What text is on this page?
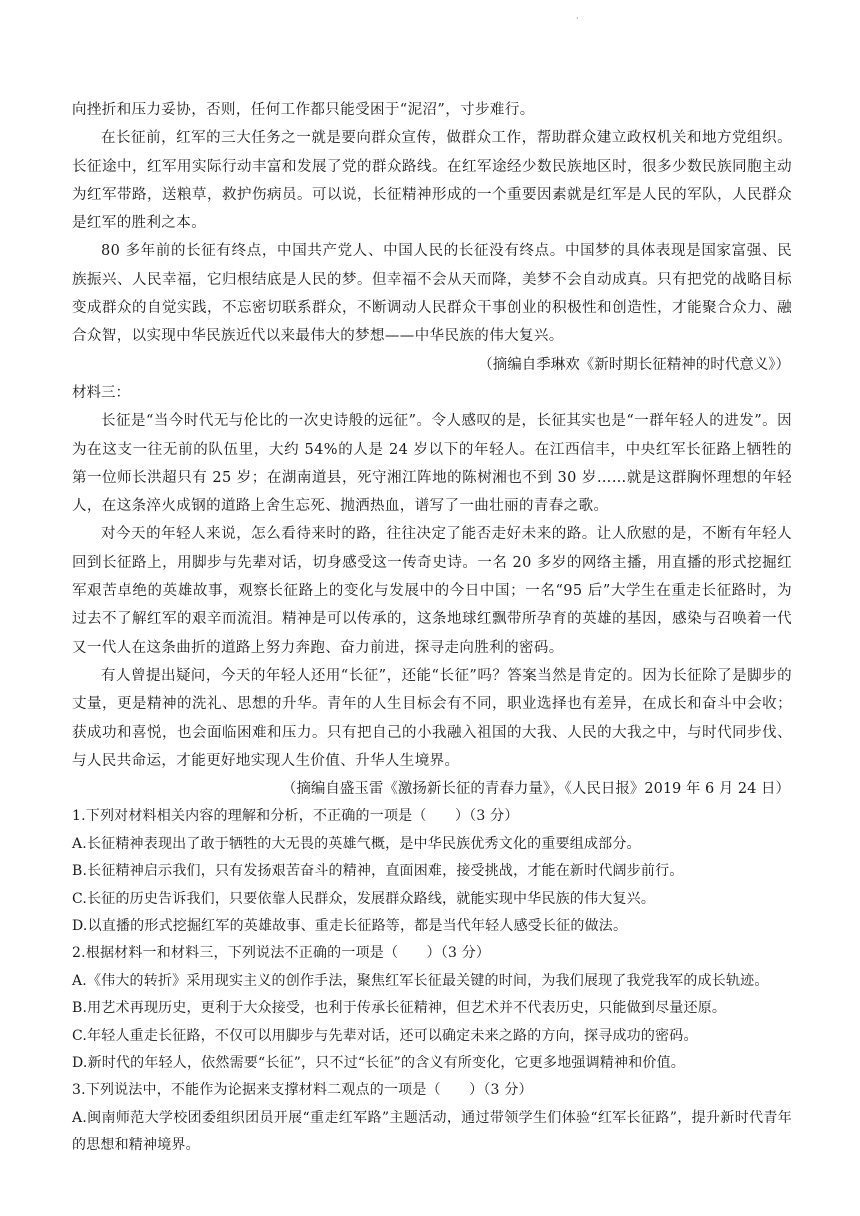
·

向挫折和压力妥协，否则，任何工作都只能受困于“泥沼”，寸步难行。

在长征前，红军的三大任务之一就是要向群众宣传，做群众工作，帮助群众建立政权机关和地方党组织。长征途中，红军用实际行动丰富和发展了党的群众路线。在红军途经少数民族地区时，很多少数民族同胞主动为红军带路，送粮草，救护伤病员。可以说，长征精神形成的一个重要因素就是红军是人民的军队，人民群众是红军的胜利之本。

80 多年前的长征有终点，中国共产党人、中国人民的长征没有终点。中国梦的具体表现是国家富强、民族振兴、人民幸福，它归根结底是人民的梦。但幸福不会从天而降，美梦不会自动成真。只有把党的战略目标变成群众的自觉实践，不忘密切联系群众，不断调动人民群众干事创业的积极性和创造性，才能聚合众力、融合众智，以实现中华民族近代以来最伟大的梦想——中华民族的伟大复兴。

（摘编自季琳欢《新时期长征精神的时代意义》）

材料三：

长征是“当今时代无与伦比的一次史诗般的远征”。令人感叹的是，长征其实也是“一群年轻人的进发”。因为在这支一往无前的队伍里，大约 54%的人是 24 岁以下的年轻人。在江西信丰，中央红军长征路上牺牲的第一位师长洪超只有 25 岁；在湖南道县，死守湘江阵地的陈树湘也不到 30 岁……就是这群胸怀理想的年轻人，在这条淬火成钢的道路上舍生忘死、抛洒热血，谱写了一曲壮丽的青春之歌。

对今天的年轻人来说，怎么看待来时的路，往往决定了能否走好未来的路。让人欣慰的是，不断有年轻人回到长征路上，用脚步与先辈对话，切身感受这一传奇史诗。一名 20 多岁的网络主播，用直播的形式挖掘红军艰苦卓绝的英雄故事，观察长征路上的变化与发展中的今日中国；一名“95 后”大学生在重走长征路时，为过去不了解红军的艰辛而流泪。精神是可以传承的，这条地球红飘带所孕育的英雄的基因，感染与召唤着一代又一代人在这条曲折的道路上努力奔跑、奋力前进，探寻走向胜利的密码。

有人曾提出疑问，今天的年轻人还用“长征”，还能“长征”吗？答案当然是肯定的。因为长征除了是脚步的丈量，更是精神的洗礼、思想的升华。青年的人生目标会有不同，职业选择也有差异，在成长和奋斗中会收；获成功和喜悦，也会面临困难和压力。只有把自己的小我融入祖国的大我、人民的大我之中，与时代同步伐、与人民共命运，才能更好地实现人生价值、升华人生境界。

（摘编自盛玉雷《激扬新长征的青春力量》，《人民日报》2019 年 6 月 24 日）

1.下列对材料相关内容的理解和分析，不正确的一项是（　　）（3 分）

A.长征精神表现出了敢于牺牲的大无畏的英雄气概，是中华民族优秀文化的重要组成部分。

B.长征精神启示我们，只有发扬艰苦奋斗的精神，直面困难，接受挑战，才能在新时代阔步前行。

C.长征的历史告诉我们，只要依靠人民群众，发展群众路线，就能实现中华民族的伟大复兴。

D.以直播的形式挖掘红军的英雄故事、重走长征路等，都是当代年轻人感受长征的做法。

2.根据材料一和材料三，下列说法不正确的一项是（　　）（3 分）

A.《伟大的转折》采用现实主义的创作手法，聚焦红军长征最关键的时间，为我们展现了我党我军的成长轨迹。

B.用艺术再现历史，更利于大众接受，也利于传承长征精神，但艺术并不代表历史，只能做到尽量还原。

C.年轻人重走长征路，不仅可以用脚步与先辈对话，还可以确定未来之路的方向，探寻成功的密码。

D.新时代的年轻人，依然需要“长征”，只不过“长征”的含义有所变化，它更多地强调精神和价值。

3.下列说法中，不能作为论据来支撑材料二观点的一项是（　　）（3 分）

A.闽南师范大学校团委组织团员开展“重走红军路”主题活动，通过带领学生们体验“红军长征路”，提升新时代青年的思想和精神境界。
